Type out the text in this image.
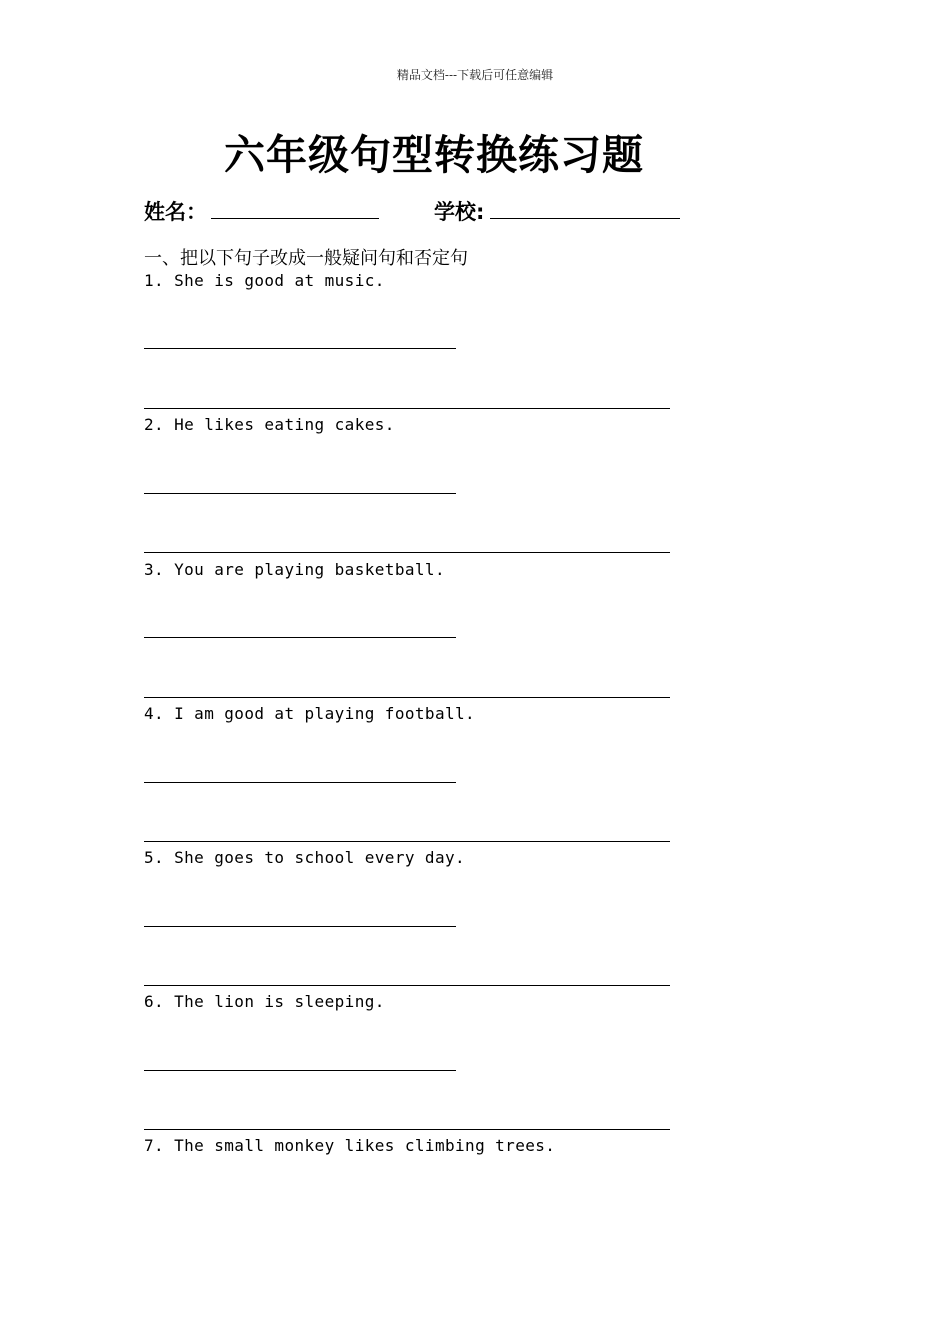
精品文档---下载后可任意编辑
六年级句型转换练习题
姓名：	学校:
一、把以下句子改成一般疑问句和否定句
1. She is good at music.
2. He likes eating cakes.
3. You are playing basketball.
4. I am good at playing football.
5. She goes to school every day.
6. The lion is sleeping.
7. The small monkey likes climbing trees.
